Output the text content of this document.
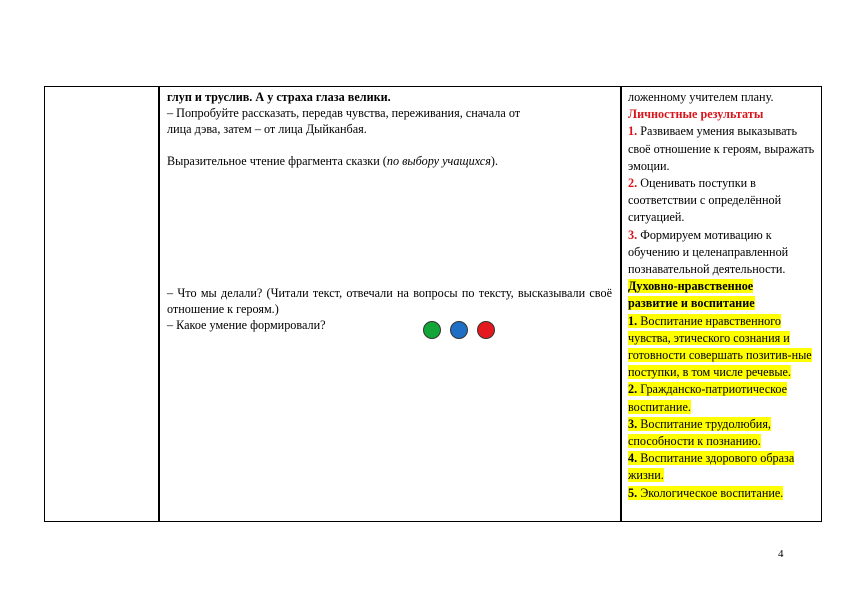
глуп и труслив. А у страха глаза велики.

– Попробуйте рассказать, передав чувства, переживания, сначала от

лица дэва, затем – от лица Дыйканбая.

Выразительное чтение фрагмента сказки (по выбору учащихся).

– Что мы делали? (Читали текст, отвечали на вопросы по тексту, высказывали своё отношение к героям.)

– Какое умение формировали?

ложенному учителем плану.

Личностные результаты

1. Развиваем умения выказывать своё отношение к героям, выражать эмоции.

2. Оценивать поступки в соответствии с определённой ситуацией.

3. Формируем мотивацию к обучению и целенаправленной познавательной деятельности.

Духовно-нравственное
развитие и воспитание

1. Воспитание нравственного чувства, этического сознания и готовности совершать позитив-ные поступки, в том числе речевые.

2. Гражданско-патриотическое воспитание.

3. Воспитание трудолюбия, способности к познанию.

4. Воспитание здорового образа жизни.

5. Экологическое воспитание.

4
